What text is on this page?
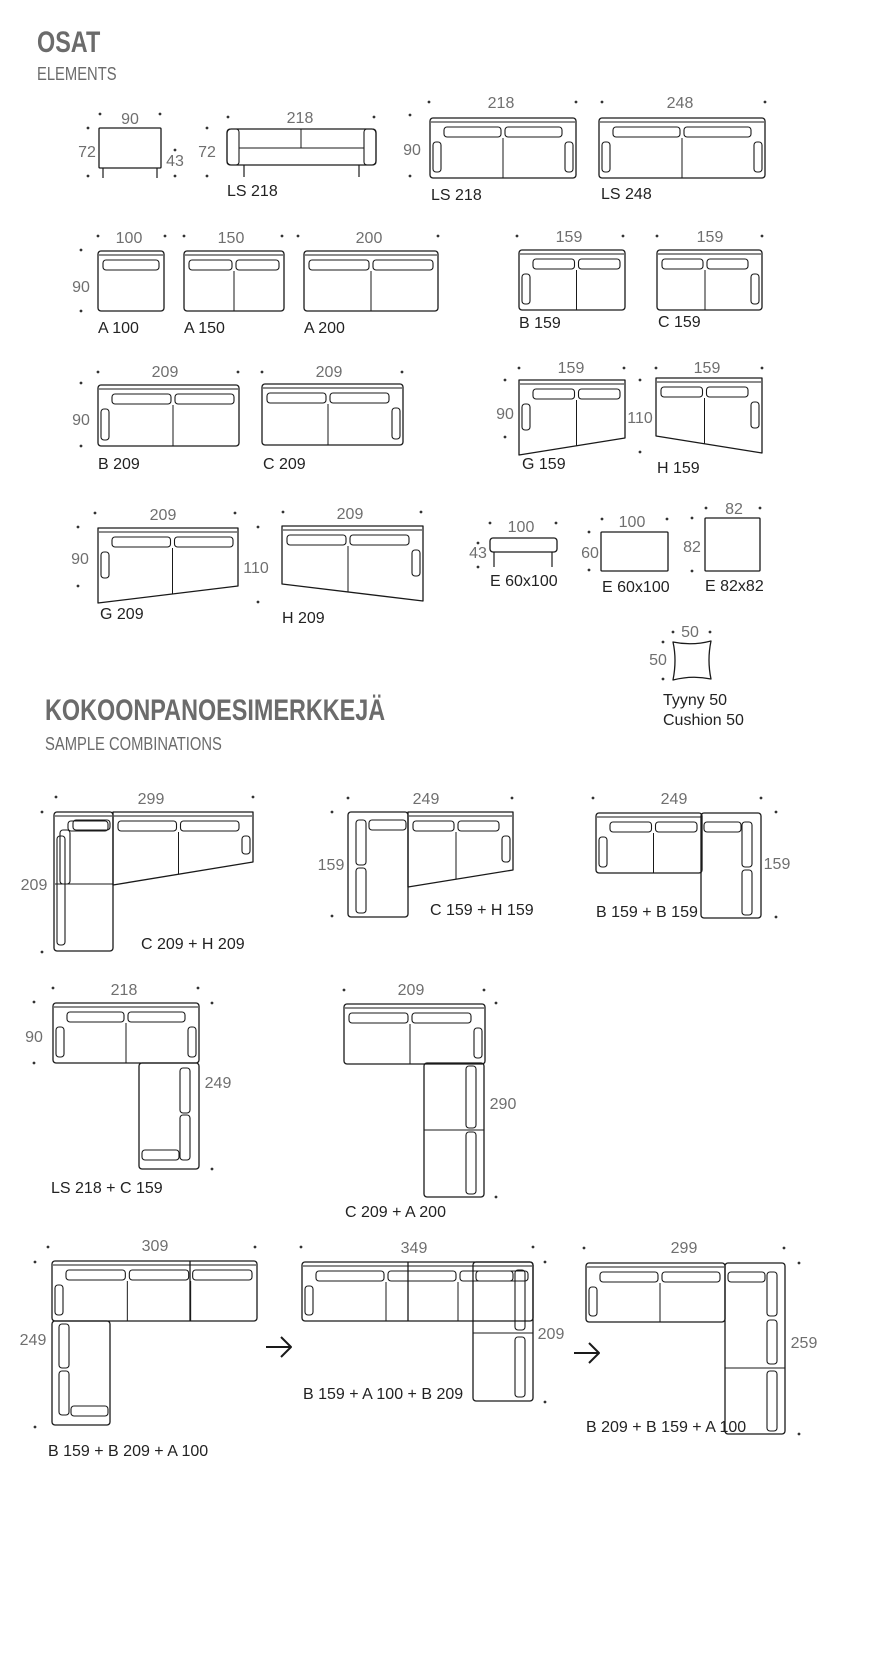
OSAT
ELEMENTS
KOKOONPANOESIMERKKEJÄ
SAMPLE COMBINATIONS
90
72
43
218
72
LS 218
218
90
LS 218
248
LS 248
100
90
A 100
150
A 150
200
A 200
159
B 159
159
C 159
209
90
B 209
209
C 209
159
90
G 159
159
110
H 159
209
90
G 209
209
110
H 209
100
43
E 60x100
100
60
E 60x100
82
82
E 82x82
50
50
Tyyny 50
Cushion 50
299
209
C 209 + H 209
249
159
C 159 + H 159
249
159
B 159 + B 159
218
90
249
LS 218 + C 159
209
290
C 209 + A 200
309
249
B 159 + B 209 + A 100
349
209
B 159 + A 100 + B 209
299
259
B 209 + B 159 + A 100
